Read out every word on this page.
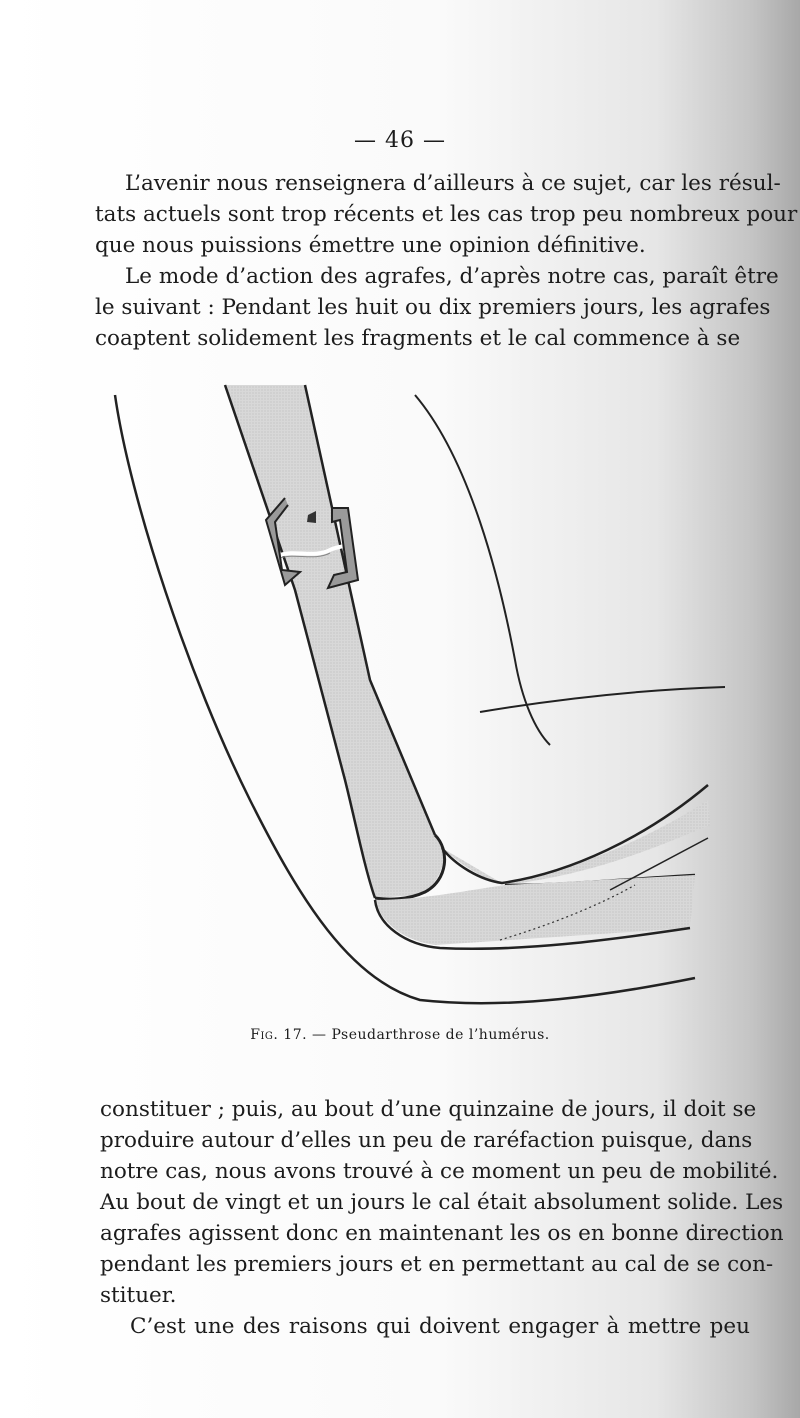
— 46 —
L’avenir nous renseignera d’ailleurs à ce sujet, car les résul-
tats actuels sont trop récents et les cas trop peu nombreux pour
que nous puissions émettre une opinion définitive.
Le mode d’action des agrafes, d’après notre cas, paraît être
le suivant : Pendant les huit ou dix premiers jours, les agrafes
coaptent solidement les fragments et le cal commence à se
Fig. 17. — Pseudarthrose de l’humérus.
constituer ; puis, au bout d’une quinzaine de jours, il doit se
produire autour d’elles un peu de raréfaction puisque, dans
notre cas, nous avons trouvé à ce moment un peu de mobilité.
Au bout de vingt et un jours le cal était absolument solide. Les
agrafes agissent donc en maintenant les os en bonne direction
pendant les premiers jours et en permettant au cal de se con-
stituer.
C’est une des raisons qui doivent engager à mettre peu
